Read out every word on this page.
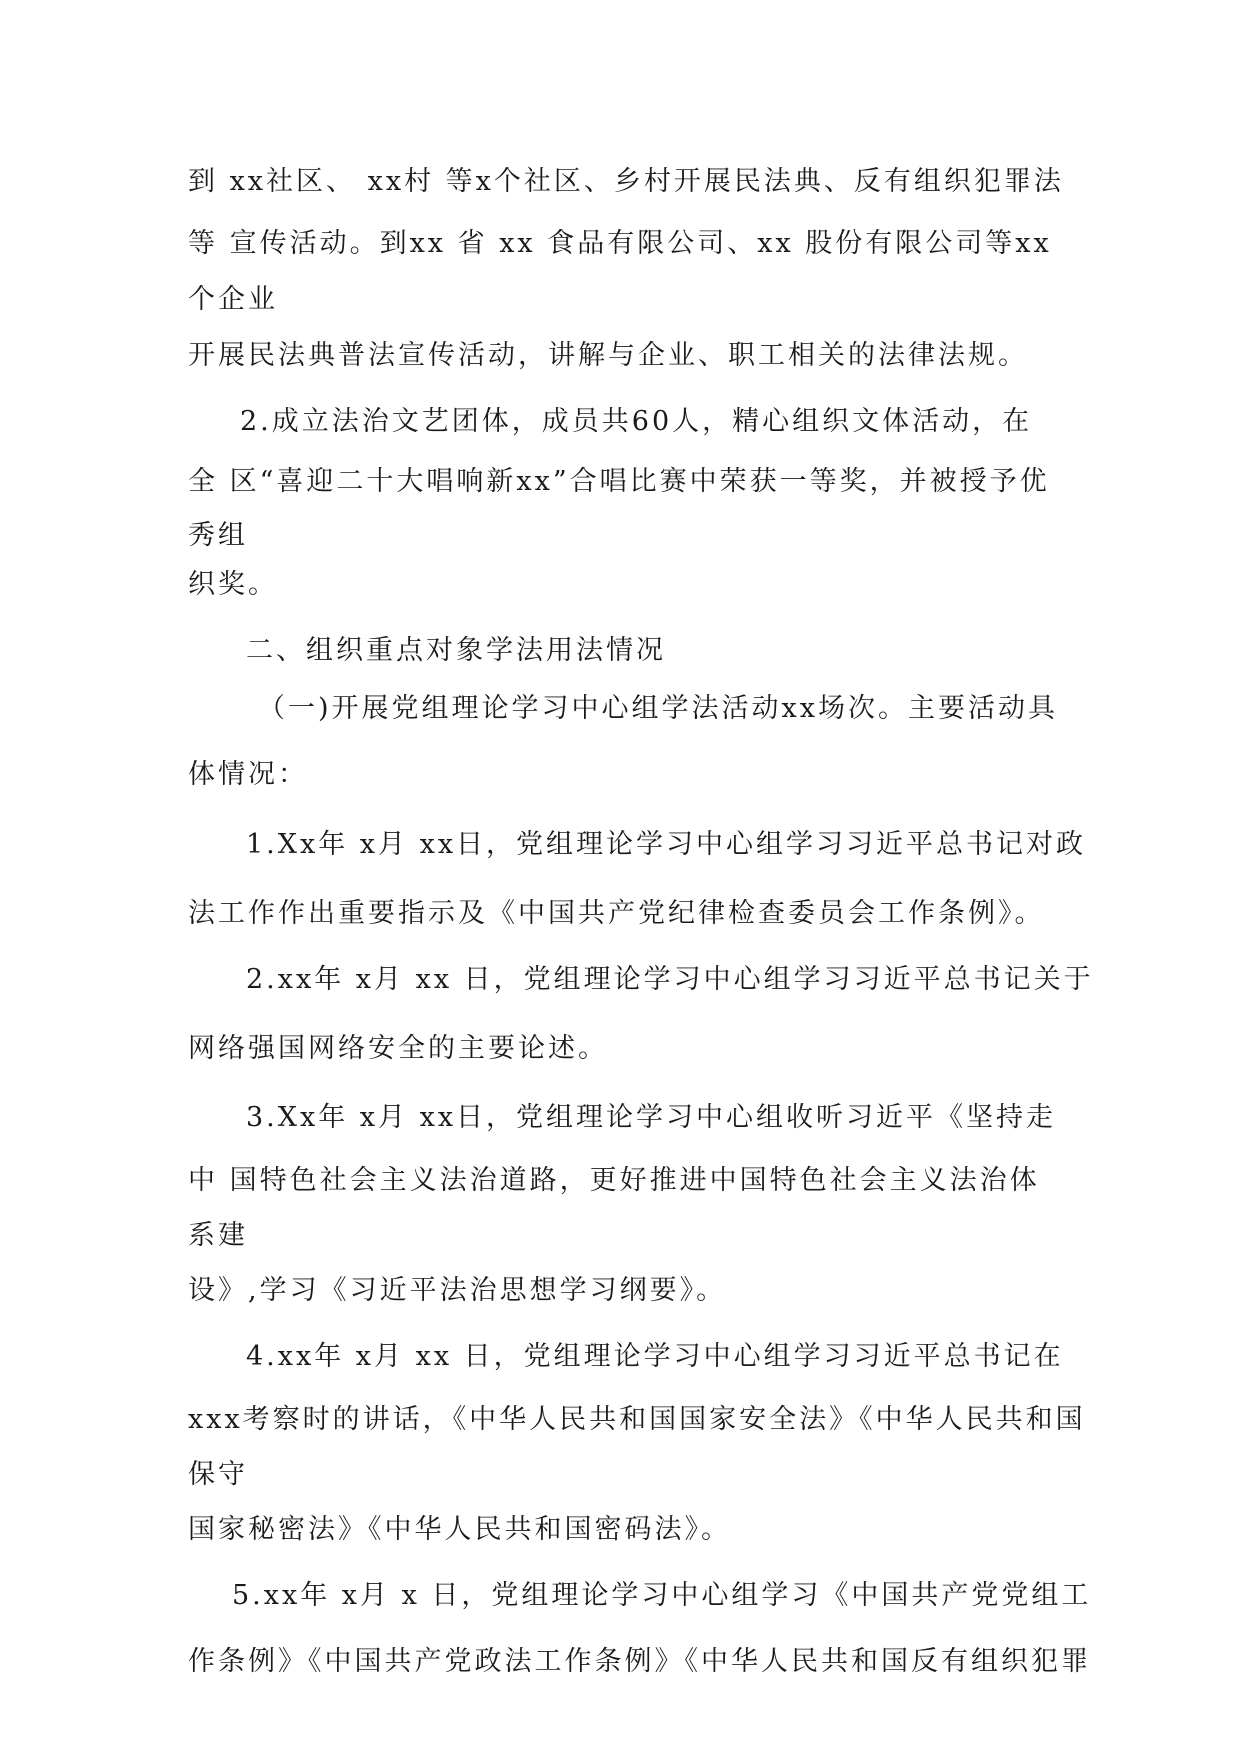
到 xx社区、 xx村 等x个社区、乡村开展民法典、反有组织犯罪法
等 宣传活动。到xx 省 xx 食品有限公司、xx 股份有限公司等xx
个企业
开展民法典普法宣传活动，讲解与企业、职工相关的法律法规。
2.成立法治文艺团体，成员共60人，精心组织文体活动，在
全 区“喜迎二十大唱响新xx”合唱比赛中荣获一等奖，并被授予优
秀组
织奖。
二、组织重点对象学法用法情况
（一)开展党组理论学习中心组学法活动xx场次。主要活动具
体情况：
1.Xx年 x月 xx日，党组理论学习中心组学习习近平总书记对政
法工作作出重要指示及《中国共产党纪律检查委员会工作条例》。
2.xx年 x月 xx 日，党组理论学习中心组学习习近平总书记关于
网络强国网络安全的主要论述。
3.Xx年 x月 xx日，党组理论学习中心组收听习近平《坚持走
中 国特色社会主义法治道路，更好推进中国特色社会主义法治体
系建
设》,学习《习近平法治思想学习纲要》。
4.xx年 x月 xx 日，党组理论学习中心组学习习近平总书记在
xxx考察时的讲话，《中华人民共和国国家安全法》《中华人民共和国
保守
国家秘密法》《中华人民共和国密码法》。
5.xx年 x月 x 日，党组理论学习中心组学习《中国共产党党组工
作条例》《中国共产党政法工作条例》《中华人民共和国反有组织犯罪
